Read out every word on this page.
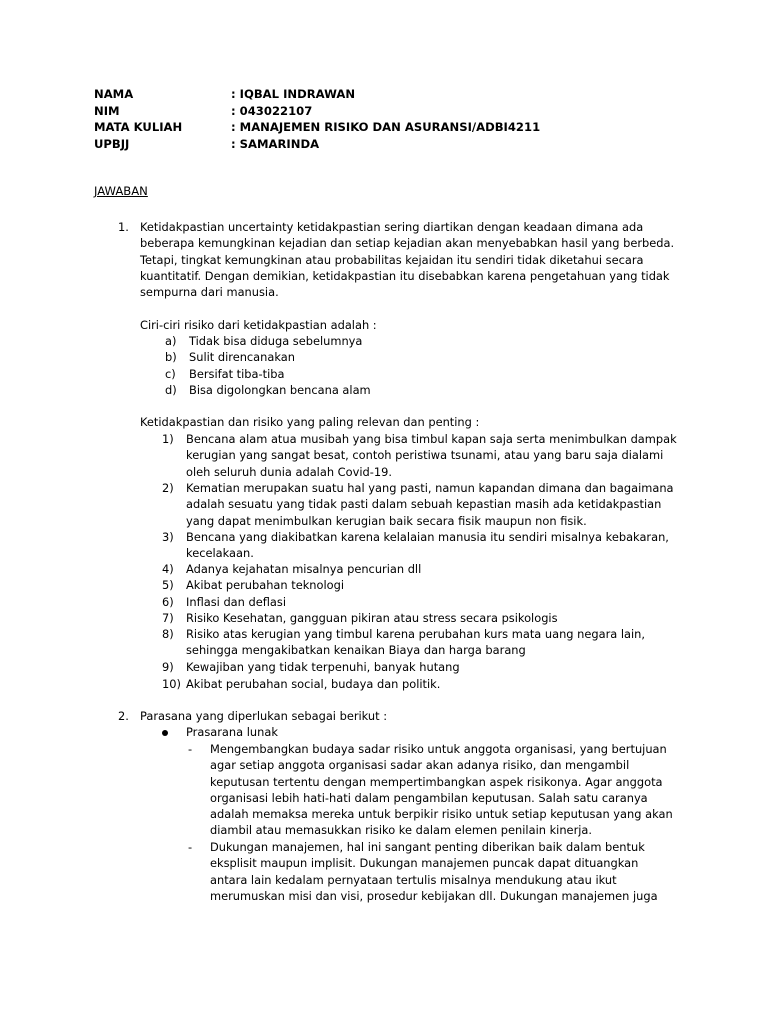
NAMA	: IQBAL INDRAWAN
NIM	: 043022107
MATA KULIAH	: MANAJEMEN RISIKO DAN ASURANSI/ADBI4211
UPBJJ	: SAMARINDA
JAWABAN
1. Ketidakpastian uncertainty ketidakpastian sering diartikan dengan keadaan dimana ada
beberapa kemungkinan kejadian dan setiap kejadian akan menyebabkan hasil yang berbeda.
Tetapi, tingkat kemungkinan atau probabilitas kejaidan itu sendiri tidak diketahui secara
kuantitatif. Dengan demikian, ketidakpastian itu disebabkan karena pengetahuan yang tidak
sempurna dari manusia.
Ciri-ciri risiko dari ketidakpastian adalah :
a) Tidak bisa diduga sebelumnya
b) Sulit direncanakan
c) Bersifat tiba-tiba
d) Bisa digolongkan bencana alam
Ketidakpastian dan risiko yang paling relevan dan penting :
1) Bencana alam atua musibah yang bisa timbul kapan saja serta menimbulkan dampak
kerugian yang sangat besat, contoh peristiwa tsunami, atau yang baru saja dialami
oleh seluruh dunia adalah Covid-19.
2) Kematian merupakan suatu hal yang pasti, namun kapandan dimana dan bagaimana
adalah sesuatu yang tidak pasti dalam sebuah kepastian masih ada ketidakpastian
yang dapat menimbulkan kerugian baik secara fisik maupun non fisik.
3) Bencana yang diakibatkan karena kelalaian manusia itu sendiri misalnya kebakaran,
kecelakaan.
4) Adanya kejahatan misalnya pencurian dll
5) Akibat perubahan teknologi
6) Inflasi dan deflasi
7) Risiko Kesehatan, gangguan pikiran atau stress secara psikologis
8) Risiko atas kerugian yang timbul karena perubahan kurs mata uang negara lain,
sehingga mengakibatkan kenaikan Biaya dan harga barang
9) Kewajiban yang tidak terpenuhi, banyak hutang
10) Akibat perubahan social, budaya dan politik.
2. Parasana yang diperlukan sebagai berikut :
Prasarana lunak
- Mengembangkan budaya sadar risiko untuk anggota organisasi, yang bertujuan
agar setiap anggota organisasi sadar akan adanya risiko, dan mengambil
keputusan tertentu dengan mempertimbangkan aspek risikonya. Agar anggota
organisasi lebih hati-hati dalam pengambilan keputusan. Salah satu caranya
adalah memaksa mereka untuk berpikir risiko untuk setiap keputusan yang akan
diambil atau memasukkan risiko ke dalam elemen penilain kinerja.
- Dukungan manajemen, hal ini sangant penting diberikan baik dalam bentuk
eksplisit maupun implisit. Dukungan manajemen puncak dapat dituangkan
antara lain kedalam pernyataan tertulis misalnya mendukung atau ikut
merumuskan misi dan visi, prosedur kebijakan dll. Dukungan manajemen juga
